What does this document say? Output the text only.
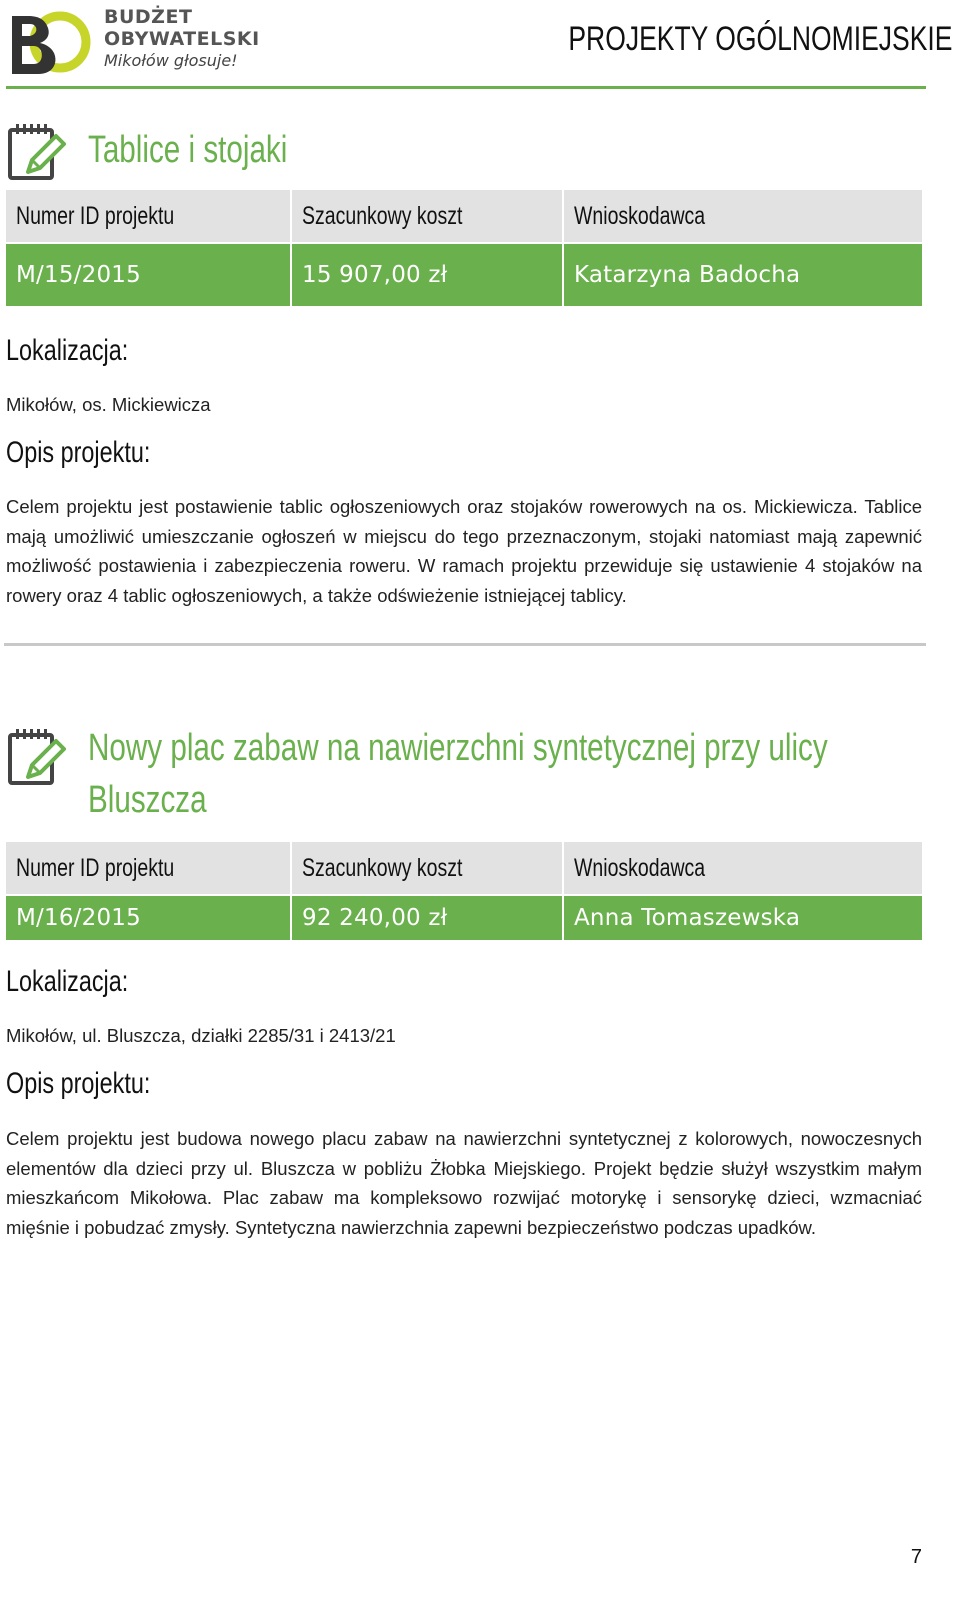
BUDŻET
OBYWATELSKI
Mikołów głosuje!
PROJEKTY OGÓLNOMIEJSKIE
Tablice i stojaki
Numer ID projektu	Szacunkowy koszt	Wnioskodawca
M/15/2015	15 907,00 zł	Katarzyna Badocha
Lokalizacja:
Mikołów, os. Mickiewicza
Opis projektu:
Celem projektu jest postawienie tablic ogłoszeniowych oraz stojaków rowerowych na os. Mickiewicza. Tablice mają umożliwić umieszczanie ogłoszeń w miejscu do tego przeznaczonym, stojaki natomiast mają zapewnić możliwość postawienia i zabezpieczenia roweru. W ramach projektu przewiduje się ustawienie 4 stojaków na rowery oraz 4 tablic ogłoszeniowych, a także odświeżenie istniejącej tablicy.
Nowy plac zabaw na nawierzchni syntetycznej przy ulicy
Bluszcza
Numer ID projektu	Szacunkowy koszt	Wnioskodawca
M/16/2015	92 240,00 zł	Anna Tomaszewska
Lokalizacja:
Mikołów, ul. Bluszcza, działki 2285/31 i 2413/21
Opis projektu:
Celem projektu jest budowa nowego placu zabaw na nawierzchni syntetycznej z kolorowych, nowoczesnych elementów dla dzieci przy ul. Bluszcza w pobliżu Żłobka Miejskiego. Projekt będzie służył wszystkim małym mieszkańcom Mikołowa. Plac zabaw ma kompleksowo rozwijać motorykę i sensorykę dzieci, wzmacniać mięśnie i pobudzać zmysły. Syntetyczna nawierzchnia zapewni bezpieczeństwo podczas upadków.
7
